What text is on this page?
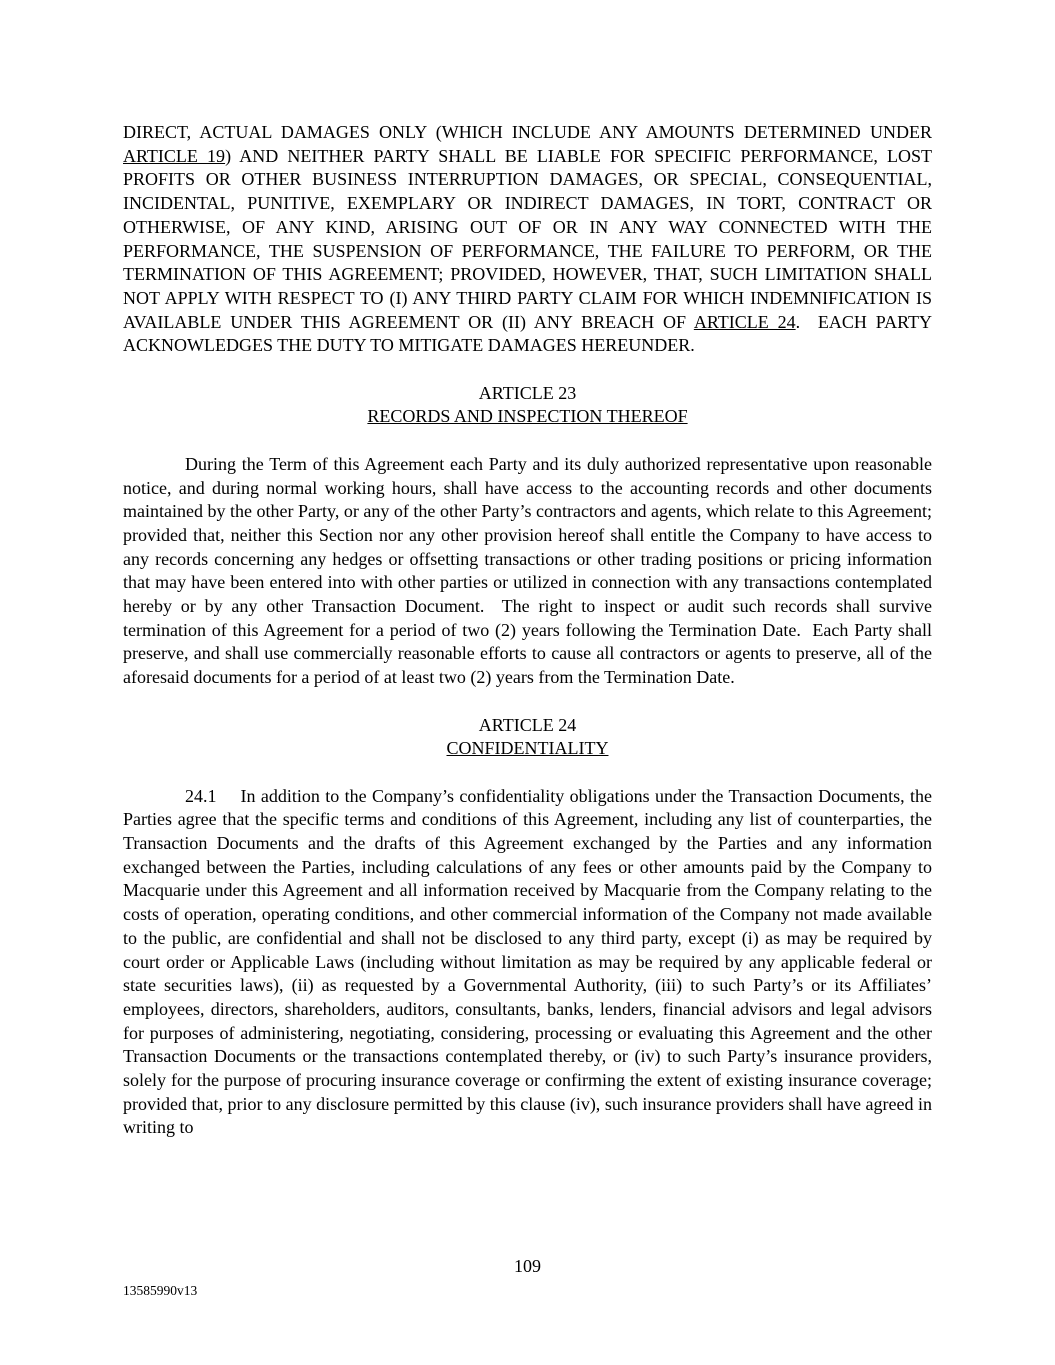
DIRECT, ACTUAL DAMAGES ONLY (WHICH INCLUDE ANY AMOUNTS DETERMINED UNDER ARTICLE 19) AND NEITHER PARTY SHALL BE LIABLE FOR SPECIFIC PERFORMANCE, LOST PROFITS OR OTHER BUSINESS INTERRUPTION DAMAGES, OR SPECIAL, CONSEQUENTIAL, INCIDENTAL, PUNITIVE, EXEMPLARY OR INDIRECT DAMAGES, IN TORT, CONTRACT OR OTHERWISE, OF ANY KIND, ARISING OUT OF OR IN ANY WAY CONNECTED WITH THE PERFORMANCE, THE SUSPENSION OF PERFORMANCE, THE FAILURE TO PERFORM, OR THE TERMINATION OF THIS AGREEMENT; PROVIDED, HOWEVER, THAT, SUCH LIMITATION SHALL NOT APPLY WITH RESPECT TO (I) ANY THIRD PARTY CLAIM FOR WHICH INDEMNIFICATION IS AVAILABLE UNDER THIS AGREEMENT OR (II) ANY BREACH OF ARTICLE 24.  EACH PARTY ACKNOWLEDGES THE DUTY TO MITIGATE DAMAGES HEREUNDER.

ARTICLE 23
RECORDS AND INSPECTION THEREOF

During the Term of this Agreement each Party and its duly authorized representative upon reasonable notice, and during normal working hours, shall have access to the accounting records and other documents maintained by the other Party, or any of the other Party’s contractors and agents, which relate to this Agreement; provided that, neither this Section nor any other provision hereof shall entitle the Company to have access to any records concerning any hedges or offsetting transactions or other trading positions or pricing information that may have been entered into with other parties or utilized in connection with any transactions contemplated hereby or by any other Transaction Document.  The right to inspect or audit such records shall survive termination of this Agreement for a period of two (2) years following the Termination Date.  Each Party shall preserve, and shall use commercially reasonable efforts to cause all contractors or agents to preserve, all of the aforesaid documents for a period of at least two (2) years from the Termination Date.

ARTICLE 24
CONFIDENTIALITY

24.1 In addition to the Company’s confidentiality obligations under the Transaction Documents, the Parties agree that the specific terms and conditions of this Agreement, including any list of counterparties, the Transaction Documents and the drafts of this Agreement exchanged by the Parties and any information exchanged between the Parties, including calculations of any fees or other amounts paid by the Company to Macquarie under this Agreement and all information received by Macquarie from the Company relating to the costs of operation, operating conditions, and other commercial information of the Company not made available to the public, are confidential and shall not be disclosed to any third party, except (i) as may be required by court order or Applicable Laws (including without limitation as may be required by any applicable federal or state securities laws), (ii) as requested by a Governmental Authority, (iii) to such Party’s or its Affiliates’ employees, directors, shareholders, auditors, consultants, banks, lenders, financial advisors and legal advisors for purposes of administering, negotiating, considering, processing or evaluating this Agreement and the other Transaction Documents or the transactions contemplated thereby, or (iv) to such Party’s insurance providers, solely for the purpose of procuring insurance coverage or confirming the extent of existing insurance coverage; provided that, prior to any disclosure permitted by this clause (iv), such insurance providers shall have agreed in writing to

109
13585990v13
